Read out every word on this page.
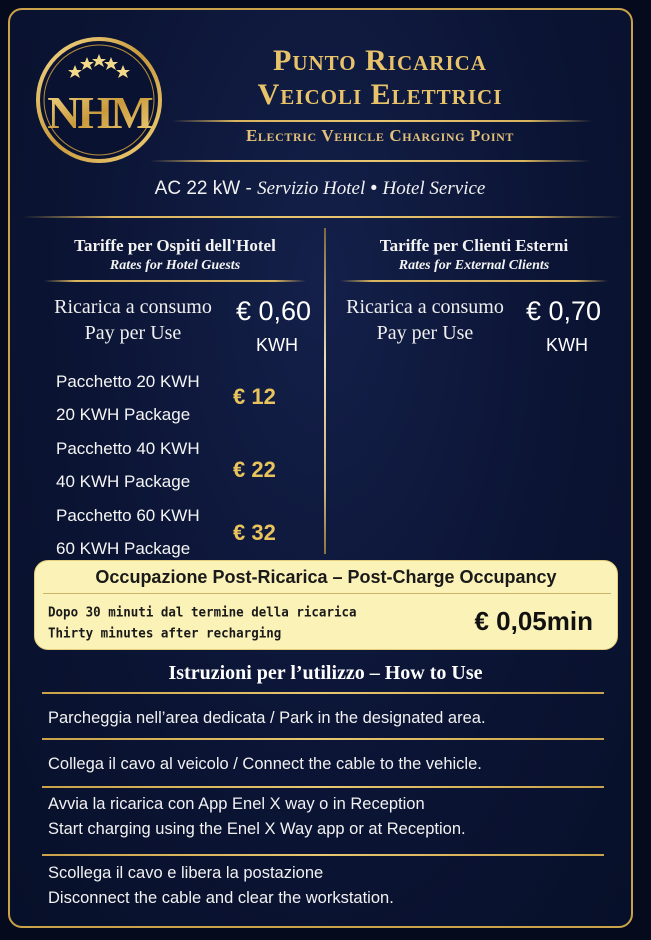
NHM
Punto Ricarica
Veicoli Elettrici
Electric Vehicle Charging Point
AC 22 kW - Servizio Hotel • Hotel Service
Tariffe per Ospiti dell'Hotel
Rates for Hotel Guests
Tariffe per Clienti Esterni
Rates for External Clients
Ricarica a consumo
Pay per Use
€ 0,60
KWH
Ricarica a consumo
Pay per Use
€ 0,70
KWH
Pacchetto 20 KWH
20 KWH Package
€ 12
Pacchetto 40 KWH
40 KWH Package	€ 22
Pacchetto 60 KWH
60 KWH Package
€ 32
Occupazione Post-Ricarica – Post-Charge Occupancy
Dopo 30 minuti dal termine della ricarica
Thirty minutes after recharging	€ 0,05min
Istruzioni per l’utilizzo – How to Use
Parcheggia nell’area dedicata / Park in the designated area.
Collega il cavo al veicolo / Connect the cable to the vehicle.
Avvia la ricarica con App Enel X way o in Reception
Start charging using the Enel X Way app or at Reception.
Scollega il cavo e libera la postazione
Disconnect the cable and clear the workstation.
